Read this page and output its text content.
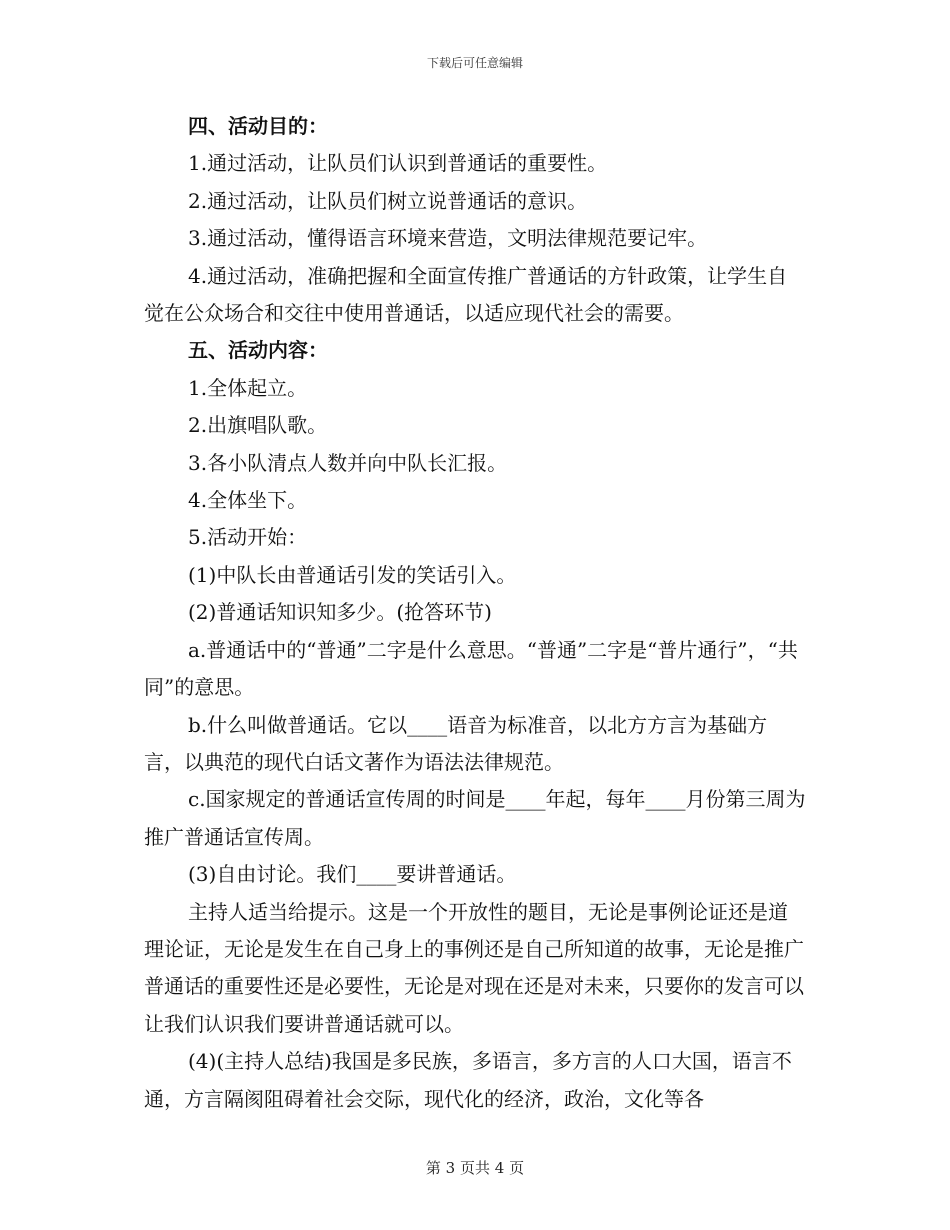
下载后可任意编辑

四、活动目的：

1.通过活动，让队员们认识到普通话的重要性。

2.通过活动，让队员们树立说普通话的意识。

3.通过活动，懂得语言环境来营造，文明法律规范要记牢。

4.通过活动，准确把握和全面宣传推广普通话的方针政策，让学生自觉在公众场合和交往中使用普通话，以适应现代社会的需要。

五、活动内容：

1.全体起立。

2.出旗唱队歌。

3.各小队清点人数并向中队长汇报。

4.全体坐下。

5.活动开始：

(1)中队长由普通话引发的笑话引入。

(2)普通话知识知多少。(抢答环节)

a.普通话中的“普通”二字是什么意思。“普通”二字是“普片通行”，“共同”的意思。

b.什么叫做普通话。它以____语音为标准音，以北方方言为基础方言，以典范的现代白话文著作为语法法律规范。

c.国家规定的普通话宣传周的时间是____年起，每年____月份第三周为推广普通话宣传周。

(3)自由讨论。我们____要讲普通话。

主持人适当给提示。这是一个开放性的题目，无论是事例论证还是道理论证，无论是发生在自己身上的事例还是自己所知道的故事，无论是推广普通话的重要性还是必要性，无论是对现在还是对未来，只要你的发言可以让我们认识我们要讲普通话就可以。

(4)(主持人总结)我国是多民族，多语言，多方言的人口大国，语言不通，方言隔阂阻碍着社会交际，现代化的经济，政治，文化等各

第 3 页共 4 页
